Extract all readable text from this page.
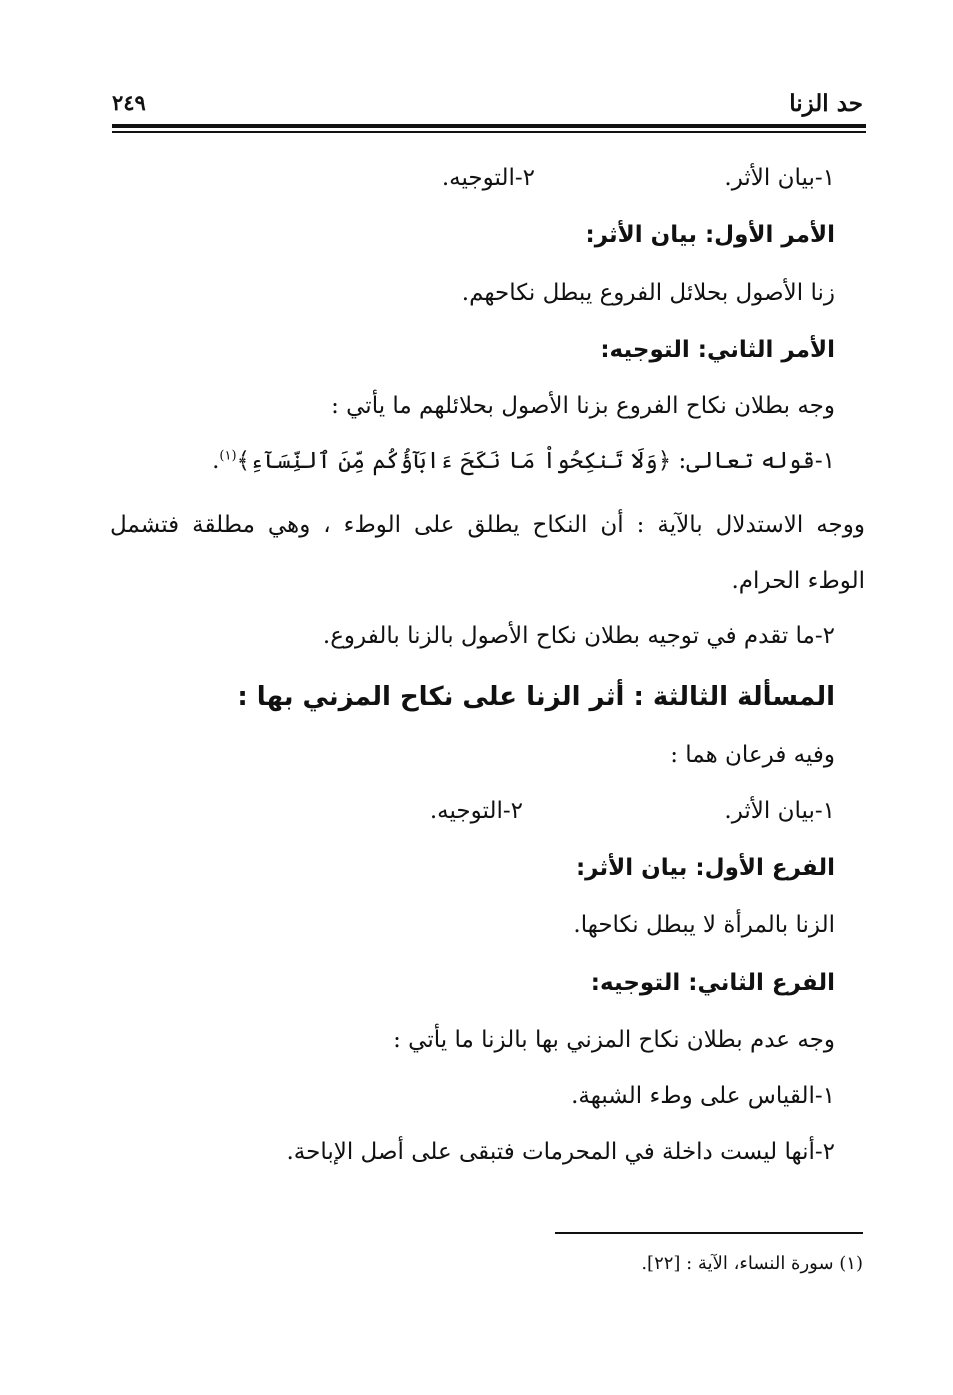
حد الزنا
٢٤٩
١-بيان الأثر.
٢-التوجيه.
الأمر الأول: بيان الأثر:
زنا الأصول بحلائل الفروع يبطل نكاحهم.
الأمر الثاني: التوجيه:
وجه بطلان نكاح الفروع بزنا الأصول بحلائلهم ما يأتي :
١-قوله تعالى: ﴿وَلَا تَنكِحُواْ مَا نَكَحَ ءَابَآؤُكُم مِّنَ ٱلنِّسَآءِ﴾$^{(١)}$.
ووجه الاستدلال بالآية : أن النكاح يطلق على الوطء ، وهي مطلقة فتشمل
الوطء الحرام.
٢-ما تقدم في توجيه بطلان نكاح الأصول بالزنا بالفروع.
المسألة الثالثة : أثر الزنا على نكاح المزني بها :
وفيه فرعان هما :
١-بيان الأثر.
٢-التوجيه.
الفرع الأول: بيان الأثر:
الزنا بالمرأة لا يبطل نكاحها.
الفرع الثاني: التوجيه:
وجه عدم بطلان نكاح المزني بها بالزنا ما يأتي :
١-القياس على وطء الشبهة.
٢-أنها ليست داخلة في المحرمات فتبقى على أصل الإباحة.
(١) سورة النساء، الآية : [٢٢].
